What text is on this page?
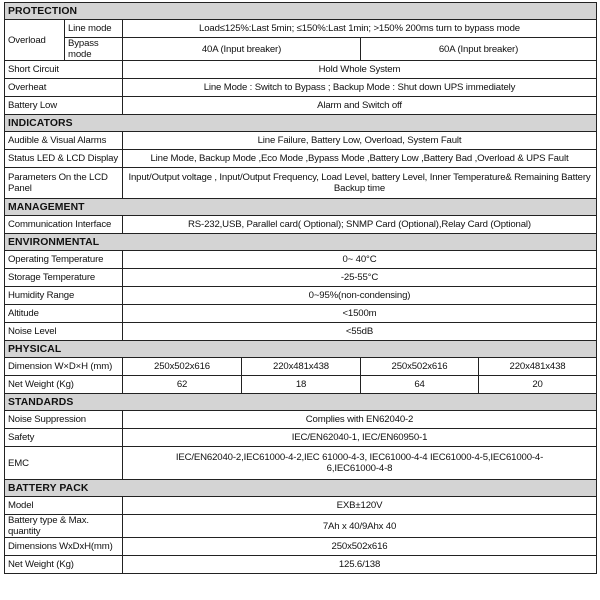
PROTECTION					
Overload	Line mode	Load≤125%:Last 5min; ≤150%:Last 1min; >150% 200ms turn to bypass mode			
	Bypass mode	40A (Input breaker)		60A (Input breaker)	
Short Circuit		Hold Whole System			
Overheat		Line Mode : Switch to Bypass ; Backup Mode : Shut down UPS immediately			
Battery Low		Alarm and Switch off			
INDICATORS					
Audible & Visual Alarms		Line Failure, Battery Low, Overload, System Fault			
Status LED & LCD Display		Line Mode, Backup Mode ,Eco Mode ,Bypass Mode ,Battery Low ,Battery Bad ,Overload & UPS Fault			
Parameters On the LCD Panel		Input/Output voltage , Input/Output Frequency, Load Level, battery Level, Inner Temperature& Remaining Battery Backup time			
MANAGEMENT					
Communication Interface		RS-232,USB, Parallel card( Optional); SNMP Card (Optional),Relay Card (Optional)			
ENVIRONMENTAL					
Operating Temperature		0~ 40°C			
Storage Temperature		-25-55°C			
Humidity Range		0~95%(non-condensing)			
Altitude		<1500m			
Noise Level		<55dB			
PHYSICAL					
Dimension W×D×H (mm)		250x502x616	220x481x438	250x502x616	220x481x438
Net Weight (Kg)		62	18	64	20
STANDARDS					
Noise Suppression		Complies with EN62040-2			
Safety		IEC/EN62040-1, IEC/EN60950-1			
EMC		IEC/EN62040-2,IEC61000-4-2,IEC 61000-4-3, IEC61000-4-4 IEC61000-4-5,IEC61000-4-6,IEC61000-4-8			
BATTERY PACK					
Model		EXB±120V			
Battery type & Max. quantity		7Ah x 40/9Ahx 40			
Dimensions WxDxH(mm)		250x502x616			
Net Weight (Kg)		125.6/138			
